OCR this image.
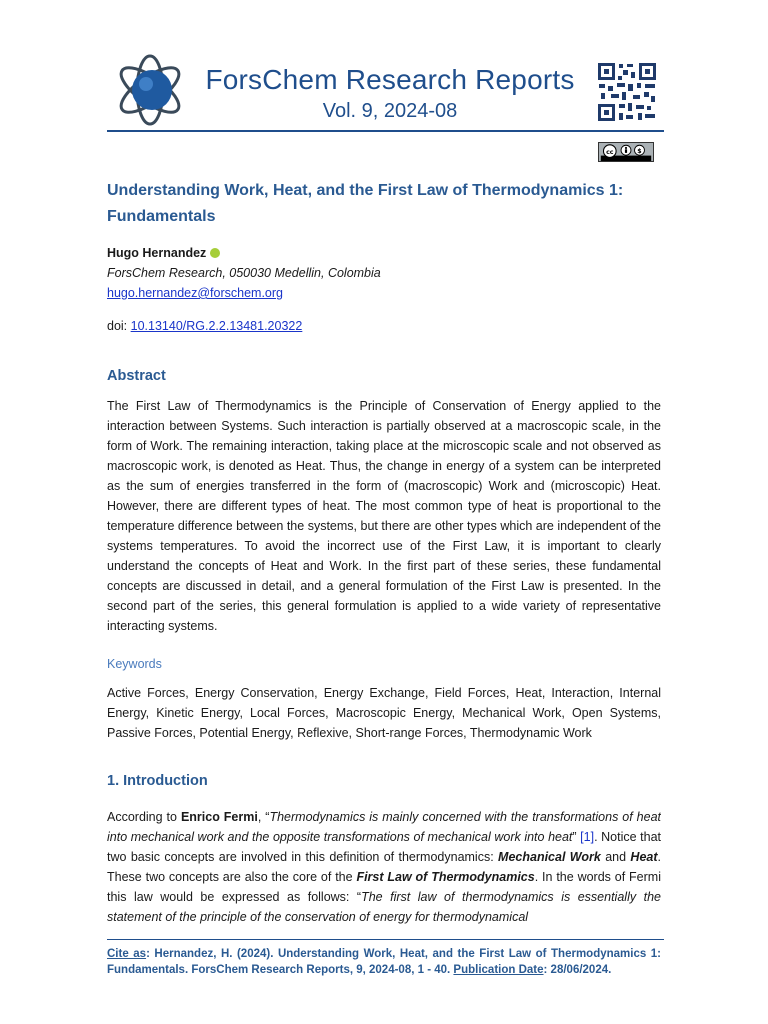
ForsChem Research Reports
Vol. 9, 2024-08
cc	$
Understanding Work, Heat, and the First Law of Thermodynamics 1: Fundamentals
Hugo Hernandez
ForsChem Research, 050030 Medellin, Colombia
hugo.hernandez@forschem.org
doi: 10.13140/RG.2.2.13481.20322
Abstract

The First Law of Thermodynamics is the Principle of Conservation of Energy applied to the interaction between Systems. Such interaction is partially observed at a macroscopic scale, in the form of Work. The remaining interaction, taking place at the microscopic scale and not observed as macroscopic work, is denoted as Heat. Thus, the change in energy of a system can be interpreted as the sum of energies transferred in the form of (macroscopic) Work and (microscopic) Heat. However, there are different types of heat. The most common type of heat is proportional to the temperature difference between the systems, but there are other types which are independent of the systems temperatures. To avoid the incorrect use of the First Law, it is important to clearly understand the concepts of Heat and Work. In the first part of these series, these fundamental concepts are discussed in detail, and a general formulation of the First Law is presented. In the second part of the series, this general formulation is applied to a wide variety of representative interacting systems.

Keywords

Active Forces, Energy Conservation, Energy Exchange, Field Forces, Heat, Interaction, Internal Energy, Kinetic Energy, Local Forces, Macroscopic Energy, Mechanical Work, Open Systems, Passive Forces, Potential Energy, Reflexive, Short-range Forces, Thermodynamic Work

1. Introduction

According to Enrico Fermi, “Thermodynamics is mainly concerned with the transformations of heat into mechanical work and the opposite transformations of mechanical work into heat” [1]. Notice that two basic concepts are involved in this definition of thermodynamics: Mechanical Work and Heat. These two concepts are also the core of the First Law of Thermodynamics. In the words of Fermi this law would be expressed as follows: “The first law of thermodynamics is essentially the statement of the principle of the conservation of energy for thermodynamical

Cite as: Hernandez, H. (2024). Understanding Work, Heat, and the First Law of Thermodynamics 1: Fundamentals. ForsChem Research Reports, 9, 2024-08, 1 - 40. Publication Date: 28/06/2024.
